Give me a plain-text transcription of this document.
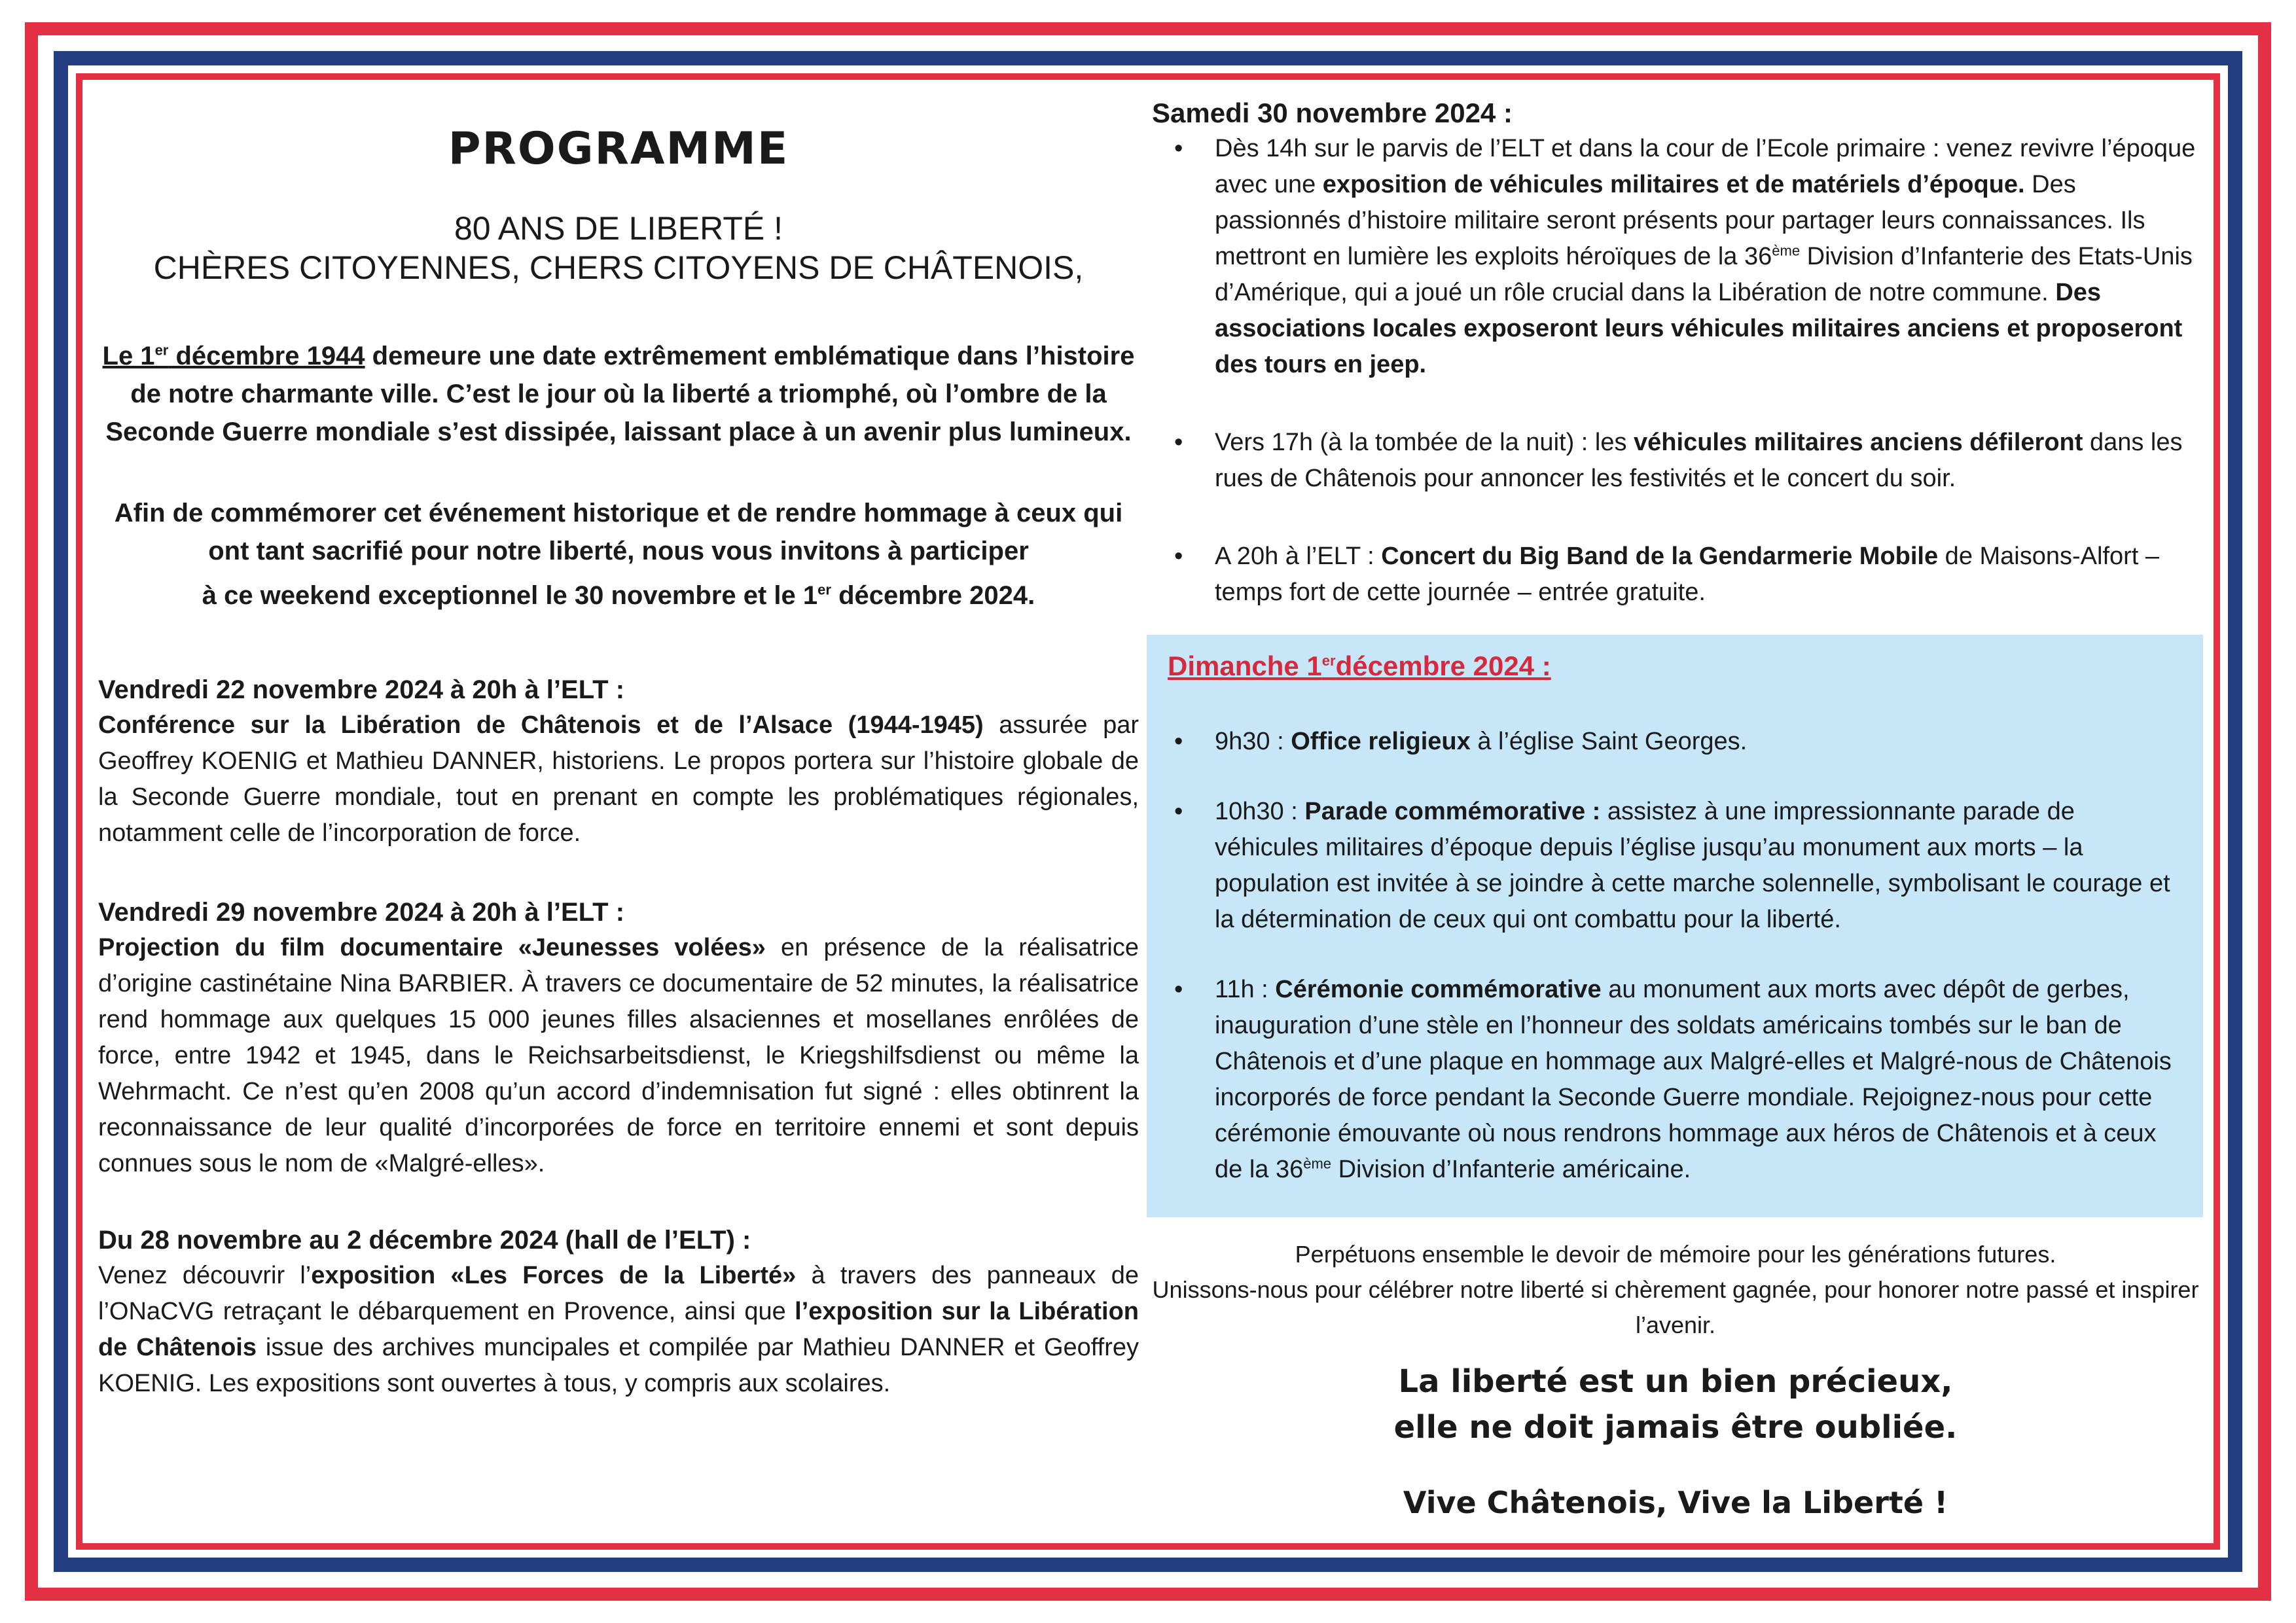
PROGRAMME
80 ANS DE LIBERTÉ !
CHÈRES CITOYENNES, CHERS CITOYENS DE CHÂTENOIS,
Le 1er décembre 1944 demeure une date extrêmement emblématique dans l’histoire de notre charmante ville. C’est le jour où la liberté a triomphé, où l’ombre de la Seconde Guerre mondiale s’est dissipée, laissant place à un avenir plus lumineux.
Afin de commémorer cet événement historique et de rendre hommage à ceux qui ont tant sacrifié pour notre liberté, nous vous invitons à participer
à ce weekend exceptionnel le 30 novembre et le 1er décembre 2024.
Vendredi 22 novembre 2024 à 20h à l’ELT :
Conférence sur la Libération de Châtenois et de l’Alsace (1944-1945) assurée par Geoffrey KOENIG et Mathieu DANNER, historiens. Le propos portera sur l’histoire globale de la Seconde Guerre mondiale, tout en prenant en compte les problématiques régionales, notamment celle de l’incorporation de force.
Vendredi 29 novembre 2024 à 20h à l’ELT :
Projection du film documentaire «Jeunesses volées» en présence de la réalisatrice d’origine castinétaine Nina BARBIER. À travers ce documentaire de 52 minutes, la réalisatrice rend hommage aux quelques 15 000 jeunes filles alsaciennes et mosellanes enrôlées de force, entre 1942 et 1945, dans le Reichsarbeitsdienst, le Kriegshilfsdienst ou même la Wehrmacht. Ce n’est qu’en 2008 qu’un accord d’indemnisation fut signé : elles obtinrent la reconnaissance de leur qualité d’incorporées de force en territoire ennemi et sont depuis connues sous le nom de «Malgré-elles».
Du 28 novembre au 2 décembre 2024 (hall de l’ELT) :
Venez découvrir l’exposition «Les Forces de la Liberté» à travers des panneaux de l’ONaCVG retraçant le débarquement en Provence, ainsi que l’exposition sur la Libération de Châtenois issue des archives muncipales et compilée par Mathieu DANNER et Geoffrey KOENIG. Les expositions sont ouvertes à tous, y compris aux scolaires.
Samedi 30 novembre 2024 :
• Dès 14h sur le parvis de l’ELT et dans la cour de l’Ecole primaire : venez revivre l’époque avec une exposition de véhicules militaires et de matériels d’époque. Des passionnés d’histoire militaire seront présents pour partager leurs connaissances. Ils mettront en lumière les exploits héroïques de la 36ème Division d’Infanterie des Etats-Unis d’Amérique, qui a joué un rôle crucial dans la Libération de notre commune. Des associations locales exposeront leurs véhicules militaires anciens et proposeront des tours en jeep.
• Vers 17h (à la tombée de la nuit) : les véhicules militaires anciens défileront dans les rues de Châtenois pour annoncer les festivités et le concert du soir.
• A 20h à l’ELT : Concert du Big Band de la Gendarmerie Mobile de Maisons-Alfort – temps fort de cette journée – entrée gratuite.
Dimanche 1erdécembre 2024 :
• 9h30 : Office religieux à l’église Saint Georges.
• 10h30 : Parade commémorative : assistez à une impressionnante parade de véhicules militaires d’époque depuis l’église jusqu’au monument aux morts – la population est invitée à se joindre à cette marche solennelle, symbolisant le courage et la détermination de ceux qui ont combattu pour la liberté.
• 11h : Cérémonie commémorative au monument aux morts avec dépôt de gerbes, inauguration d’une stèle en l’honneur des soldats américains tombés sur le ban de Châtenois et d’une plaque en hommage aux Malgré-elles et Malgré-nous de Châtenois incorporés de force pendant la Seconde Guerre mondiale. Rejoignez-nous pour cette cérémonie émouvante où nous rendrons hommage aux héros de Châtenois et à ceux de la 36ème Division d’Infanterie américaine.
Perpétuons ensemble le devoir de mémoire pour les générations futures.
Unissons-nous pour célébrer notre liberté si chèrement gagnée, pour honorer notre passé et inspirer l’avenir.
La liberté est un bien précieux,
elle ne doit jamais être oubliée.
Vive Châtenois, Vive la Liberté !
